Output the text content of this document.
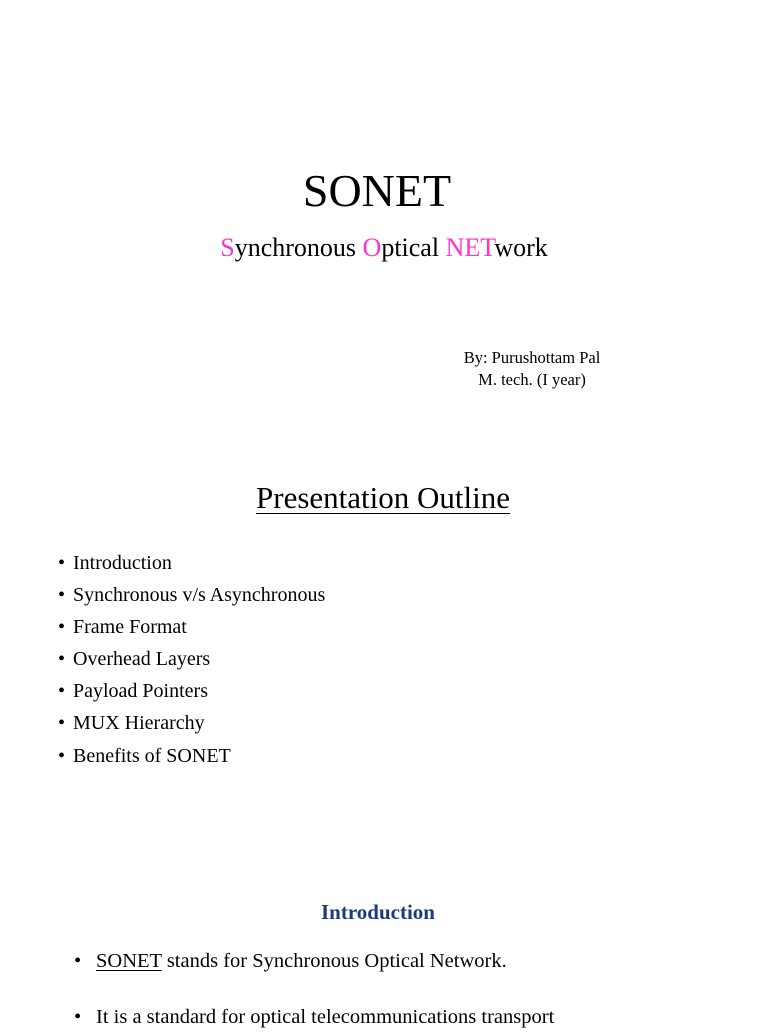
SONET
Synchronous Optical NETwork
By: Purushottam Pal
M. tech. (I year)
Presentation Outline
• Introduction
• Synchronous v/s Asynchronous
• Frame Format
• Overhead Layers
• Payload Pointers
• MUX Hierarchy
• Benefits of SONET
Introduction
• SONET stands for Synchronous Optical Network.
• It is a standard for optical telecommunications transport
